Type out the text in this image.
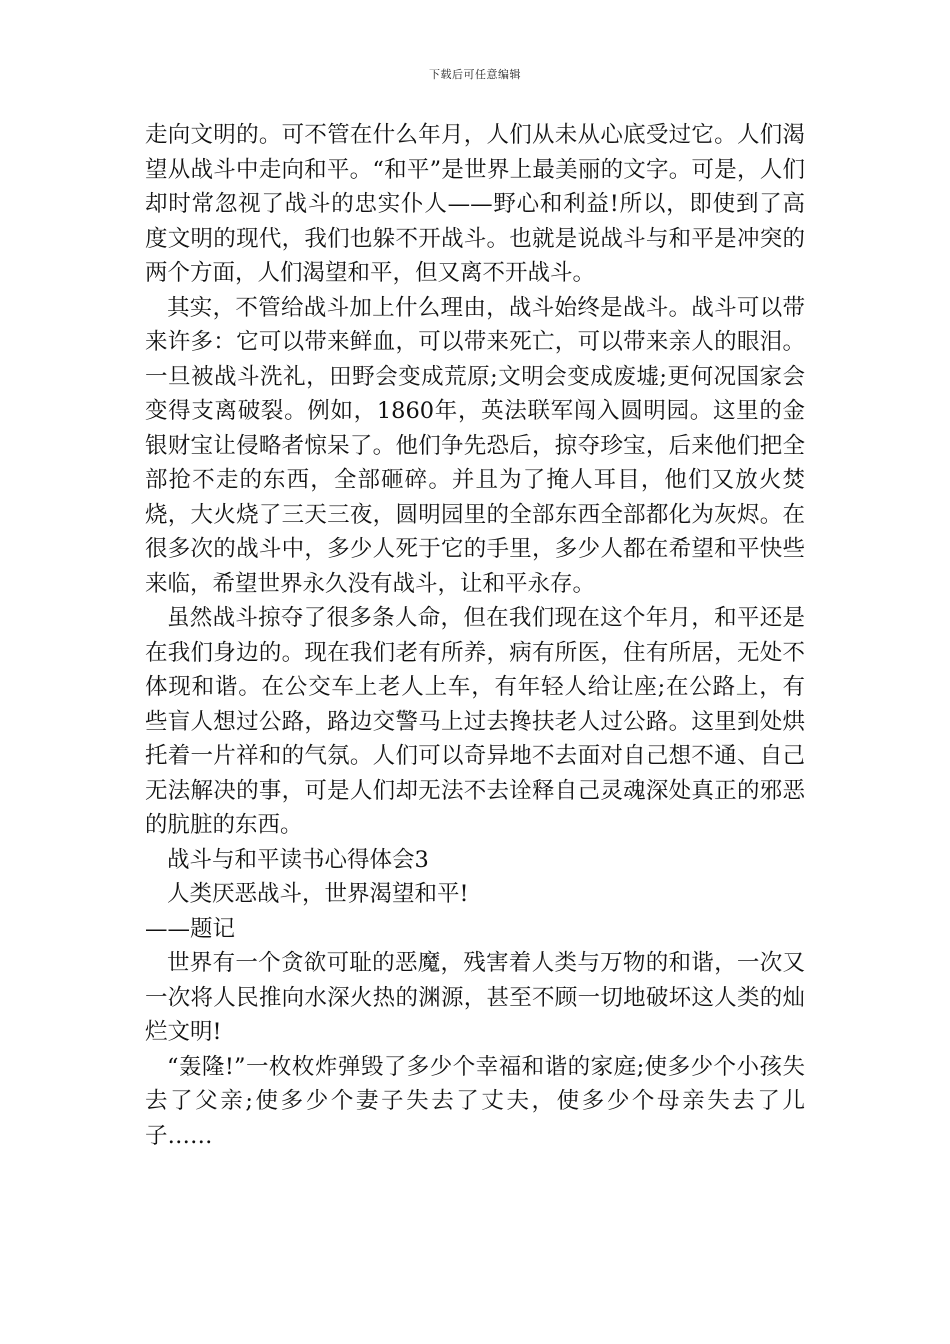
下载后可任意编辑

走向文明的。可不管在什么年月，人们从未从心底受过它。人们渴望从战斗中走向和平。“和平”是世界上最美丽的文字。可是，人们却时常忽视了战斗的忠实仆人——野心和利益!所以，即使到了高度文明的现代，我们也躲不开战斗。也就是说战斗与和平是冲突的两个方面，人们渴望和平，但又离不开战斗。

其实，不管给战斗加上什么理由，战斗始终是战斗。战斗可以带来许多：它可以带来鲜血，可以带来死亡，可以带来亲人的眼泪。一旦被战斗洗礼，田野会变成荒原;文明会变成废墟;更何况国家会变得支离破裂。例如，1860年，英法联军闯入圆明园。这里的金银财宝让侵略者惊呆了。他们争先恐后，掠夺珍宝，后来他们把全部抢不走的东西，全部砸碎。并且为了掩人耳目，他们又放火焚烧，大火烧了三天三夜，圆明园里的全部东西全部都化为灰烬。在很多次的战斗中，多少人死于它的手里，多少人都在希望和平快些来临，希望世界永久没有战斗，让和平永存。

虽然战斗掠夺了很多条人命，但在我们现在这个年月，和平还是在我们身边的。现在我们老有所养，病有所医，住有所居，无处不体现和谐。在公交车上老人上车，有年轻人给让座;在公路上，有些盲人想过公路，路边交警马上过去搀扶老人过公路。这里到处烘托着一片祥和的气氛。人们可以奇异地不去面对自己想不通、自己无法解决的事，可是人们却无法不去诠释自己灵魂深处真正的邪恶的肮脏的东西。

战斗与和平读书心得体会3

人类厌恶战斗，世界渴望和平!

——题记

世界有一个贪欲可耻的恶魔，残害着人类与万物的和谐，一次又一次将人民推向水深火热的渊源，甚至不顾一切地破坏这人类的灿烂文明!

“轰隆!”一枚枚炸弹毁了多少个幸福和谐的家庭;使多少个小孩失去了父亲;使多少个妻子失去了丈夫，使多少个母亲失去了儿子……
